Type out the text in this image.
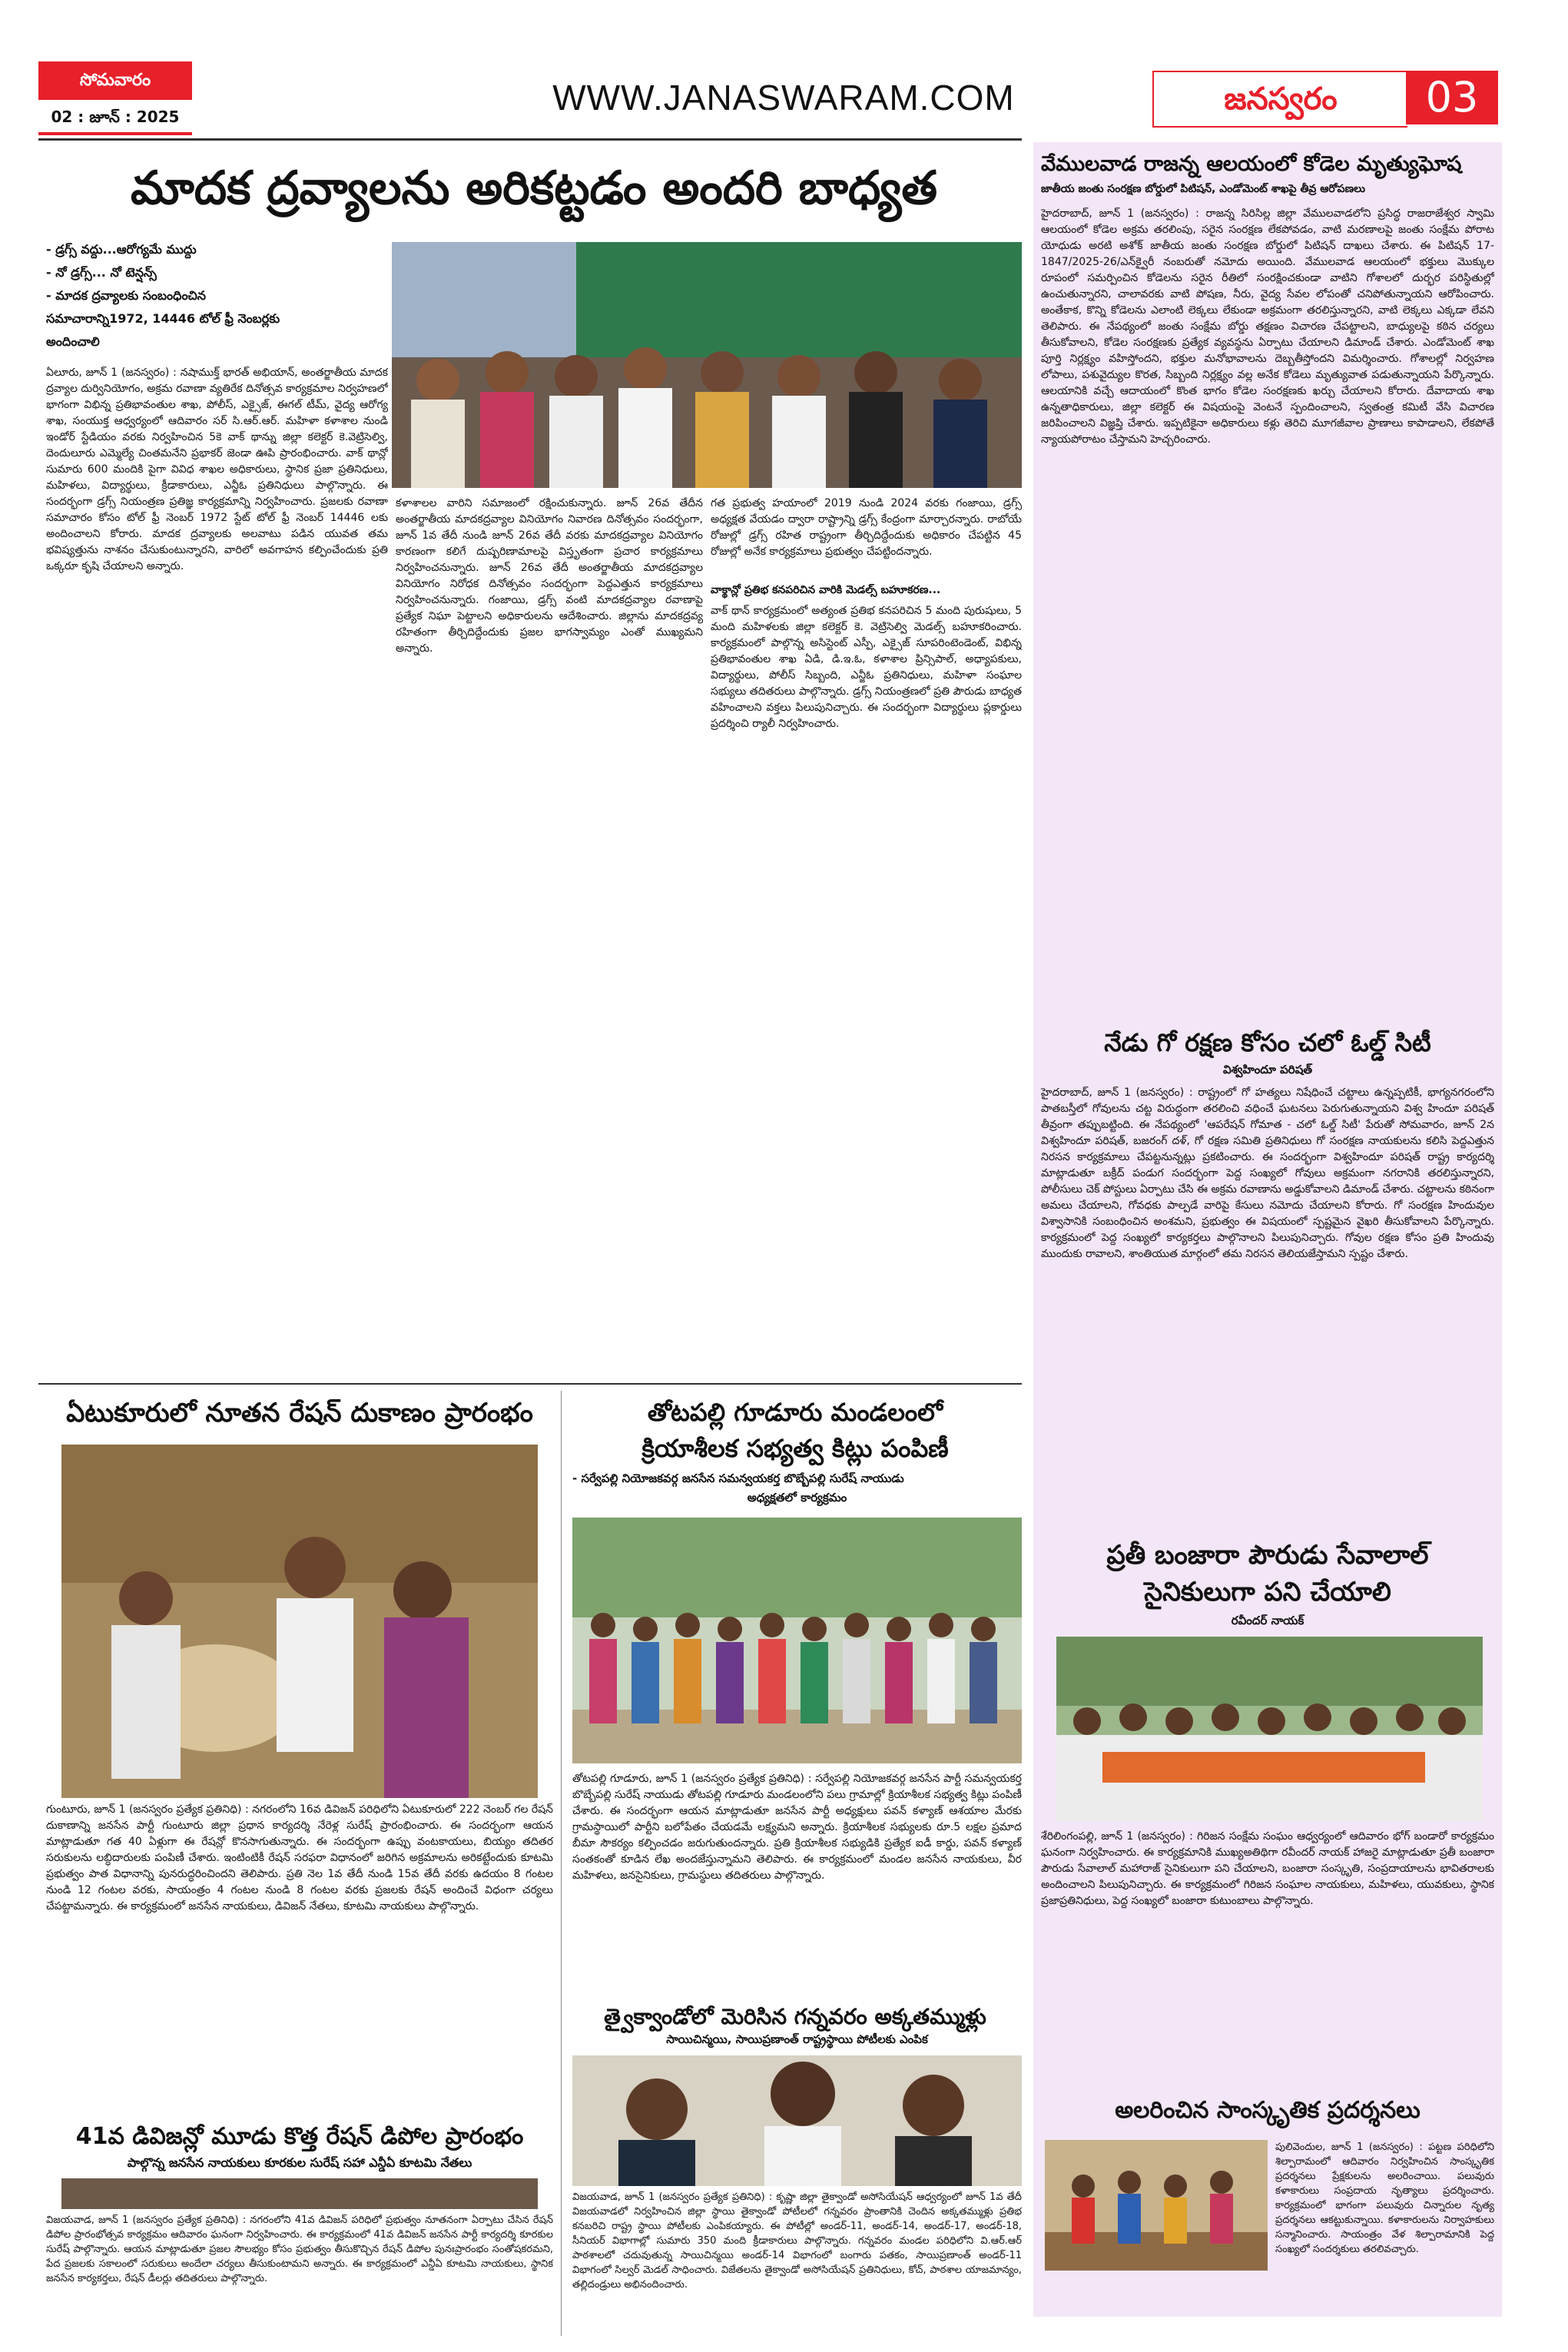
సోమవారం
02 : జూన్ : 2025	WWW.JANASWARAM.COM	జనస్వరం	03
మాదక ద్రవ్యాలను అరికట్టడం అందరి బాధ్యత
- డ్రగ్స్ వద్దు...ఆరోగ్యమే ముద్దు
- నో డ్రగ్స్... నో టెన్షన్స్
- మాదక ద్రవ్యాలకు సంబంధించిన
సమాచారాన్ని1972, 14446 టోల్ ఫ్రీ నెంబర్లకు
అందించాలి
ఏలూరు, జూన్ 1 (జనస్వరం) : నషాముక్త్ భారత్ అభియాన్, అంతర్జాతీయ మాదక ద్రవ్యాల దుర్వినియోగం, అక్రమ రవాణా వ్యతిరేక దినోత్సవ కార్యక్రమాల నిర్వహణలో భాగంగా విభిన్న ప్రతిభావంతుల శాఖ, పోలీస్, ఎక్సైజ్, ఈగల్ టీమ్, వైద్య ఆరోగ్య శాఖ, సంయుక్త ఆధ్వర్యంలో ఆదివారం సర్ సి.ఆర్.ఆర్. మహిళా కళాశాల నుండి ఇండోర్ స్టేడియం వరకు నిర్వహించిన 5కె వాక్ థాన్ను జిల్లా కలెక్టర్ కె.వెట్రిసెల్వి, దెందులూరు ఎమ్మెల్యే చింతమనేని ప్రభాకర్ జెండా ఊపి ప్రారంభించారు. వాక్ థాన్లో సుమారు 600 మందికి పైగా వివిధ శాఖల అధికారులు, స్థానిక ప్రజా ప్రతినిధులు, మహిళలు, విద్యార్థులు, క్రీడాకారులు, ఎన్జీఓ ప్రతినిధులు పాల్గొన్నారు. ఈ సందర్భంగా డ్రగ్స్ నియంత్రణ ప్రతిజ్ఞ కార్యక్రమాన్ని నిర్వహించారు. ప్రజలకు రవాణా సమాచారం కోసం టోల్ ఫ్రీ నెంబర్ 1972 స్టేట్ టోల్ ఫ్రీ నెంబర్ 14446 లకు అందించాలని కోరారు. మాదక ద్రవ్యాలకు అలవాటు పడిన యువత తమ భవిష్యత్తును నాశనం చేసుకుంటున్నారని, వారిలో అవగాహన కల్పించేందుకు ప్రతి ఒక్కరూ కృషి చేయాలని అన్నారు.
కళాశాలల వారిని సమాజంలో రక్షించుకున్నారు. జూన్ 26వ తేదీన అంతర్జాతీయ మాదకద్రవ్యాల వినియోగం నివారణ దినోత్సవం సందర్భంగా, జూన్ 1వ తేదీ నుండి జూన్ 26వ తేదీ వరకు మాదకద్రవ్యాల వినియోగం కారణంగా కలిగే దుష్పరిణామాలపై విస్తృతంగా ప్రచార కార్యక్రమాలు నిర్వహించనున్నారు. జూన్ 26వ తేదీ అంతర్జాతీయ మాదకద్రవ్యాల వినియోగం నిరోధక దినోత్సవం సందర్భంగా పెద్దఎత్తున కార్యక్రమాలు నిర్వహించనున్నారు. గంజాయి, డ్రగ్స్ వంటి మాదకద్రవ్యాల రవాణాపై ప్రత్యేక నిఘా పెట్టాలని అధికారులను ఆదేశించారు. జిల్లాను మాదకద్రవ్య రహితంగా తీర్చిదిద్దేందుకు ప్రజల భాగస్వామ్యం ఎంతో ముఖ్యమని అన్నారు.
గత ప్రభుత్వ హయాంలో 2019 నుండి 2024 వరకు గంజాయి, డ్రగ్స్ అధ్యక్షత వేయడం ద్వారా రాష్ట్రాన్ని డ్రగ్స్ కేంద్రంగా మార్చారన్నారు. రాబోయే రోజుల్లో డ్రగ్స్ రహిత రాష్ట్రంగా తీర్చిదిద్దేందుకు అధికారం చేపట్టిన 45 రోజుల్లో అనేక కార్యక్రమాలు ప్రభుత్వం చేపట్టిందన్నారు.
వాక్థాన్లో ప్రతిభ కనపరిచిన వారికి మెడల్స్ బహూకరణ...
వాక్ థాన్ కార్యక్రమంలో అత్యంత ప్రతిభ కనపరిచిన 5 మంది పురుషులు, 5 మంది మహిళలకు జిల్లా కలెక్టర్ కె. వెట్రిసెల్వి మెడల్స్ బహూకరించారు. కార్యక్రమంలో పాల్గొన్న అసిస్టెంట్ ఎస్పీ, ఎక్సైజ్ సూపరింటెండెంట్, విభిన్న ప్రతిభావంతుల శాఖ ఏడి, డి.ఇ.ఓ, కళాశాల ప్రిన్సిపాల్, అధ్యాపకులు, విద్యార్థులు, పోలీస్ సిబ్బంది, ఎన్జీఓ ప్రతినిధులు, మహిళా సంఘాల సభ్యులు తదితరులు పాల్గొన్నారు. డ్రగ్స్ నియంత్రణలో ప్రతి పౌరుడు బాధ్యత వహించాలని వక్తలు పిలుపునిచ్చారు. ఈ సందర్భంగా విద్యార్థులు ప్లకార్డులు ప్రదర్శించి ర్యాలీ నిర్వహించారు.
ఏటుకూరులో నూతన రేషన్ దుకాణం ప్రారంభం
గుంటూరు, జూన్ 1 (జనస్వరం ప్రత్యేక ప్రతినిధి) : నగరంలోని 16వ డివిజన్ పరిధిలోని ఏటుకూరులో 222 నెంబర్ గల రేషన్ దుకాణాన్ని జనసేన పార్టీ గుంటూరు జిల్లా ప్రధాన కార్యదర్శి నేరెళ్ల సురేష్ ప్రారంభించారు. ఈ సందర్భంగా ఆయన మాట్లాడుతూ గత 40 ఏళ్లుగా ఈ రేషన్లో కొనసాగుతున్నారు. ఈ సందర్భంగా ఉప్పు వంటకాయలు, బియ్యం తదితర సరుకులను లబ్ధిదారులకు పంపిణీ చేశారు. ఇంటింటికీ రేషన్ సరఫరా విధానంలో జరిగిన అక్రమాలను అరికట్టేందుకు కూటమి ప్రభుత్వం పాత విధానాన్ని పునరుద్ధరించిందని తెలిపారు. ప్రతి నెల 1వ తేదీ నుండి 15వ తేదీ వరకు ఉదయం 8 గంటల నుండి 12 గంటల వరకు, సాయంత్రం 4 గంటల నుండి 8 గంటల వరకు ప్రజలకు రేషన్ అందించే విధంగా చర్యలు చేపట్టామన్నారు. ఈ కార్యక్రమంలో జనసేన నాయకులు, డివిజన్ నేతలు, కూటమి నాయకులు పాల్గొన్నారు.
41వ డివిజన్లో మూడు కొత్త రేషన్ డిపోల ప్రారంభం
పాల్గొన్న జనసేన నాయకులు కూరకుల సురేష్ సహా ఎన్డీఏ కూటమి నేతలు
విజయవాడ, జూన్ 1 (జనస్వరం ప్రత్యేక ప్రతినిధి) : నగరంలోని 41వ డివిజన్ పరిధిలో ప్రభుత్వం నూతనంగా ఏర్పాటు చేసిన రేషన్ డిపోల ప్రారంభోత్సవ కార్యక్రమం ఆదివారం ఘనంగా నిర్వహించారు. ఈ కార్యక్రమంలో 41వ డివిజన్ జనసేన పార్టీ కార్యదర్శి కూరకుల సురేష్ పాల్గొన్నారు. ఆయన మాట్లాడుతూ ప్రజల సౌలభ్యం కోసం ప్రభుత్వం తీసుకొచ్చిన రేషన్ డిపోల పునఃప్రారంభం సంతోషకరమని, పేద ప్రజలకు సకాలంలో సరుకులు అందేలా చర్యలు తీసుకుంటామని అన్నారు. ఈ కార్యక్రమంలో ఎన్డీఏ కూటమి నాయకులు, స్థానిక జనసేన కార్యకర్తలు, రేషన్ డీలర్లు తదితరులు పాల్గొన్నారు.
తోటపల్లి గూడూరు మండలంలో
క్రియాశీలక సభ్యత్వ కిట్లు పంపిణీ
- సర్వేపల్లి నియోజకవర్గ జనసేన సమన్వయకర్త బొబ్బేపల్లి సురేష్ నాయుడు
అధ్యక్షతలో కార్యక్రమం
తోటపల్లి గూడూరు, జూన్ 1 (జనస్వరం ప్రత్యేక ప్రతినిధి) : సర్వేపల్లి నియోజకవర్గ జనసేన పార్టీ సమన్వయకర్త బొబ్బేపల్లి సురేష్ నాయుడు తోటపల్లి గూడూరు మండలంలోని పలు గ్రామాల్లో క్రియాశీలక సభ్యత్వ కిట్లు పంపిణీ చేశారు. ఈ సందర్భంగా ఆయన మాట్లాడుతూ జనసేన పార్టీ అధ్యక్షులు పవన్ కళ్యాణ్ ఆశయాల మేరకు గ్రామస్థాయిలో పార్టీని బలోపేతం చేయడమే లక్ష్యమని అన్నారు. క్రియాశీలక సభ్యులకు రూ.5 లక్షల ప్రమాద బీమా సౌకర్యం కల్పించడం జరుగుతుందన్నారు. ప్రతి క్రియాశీలక సభ్యుడికి ప్రత్యేక ఐడీ కార్డు, పవన్ కళ్యాణ్ సంతకంతో కూడిన లేఖ అందజేస్తున్నామని తెలిపారు. ఈ కార్యక్రమంలో మండల జనసేన నాయకులు, వీర మహిళలు, జనసైనికులు, గ్రామస్థులు తదితరులు పాల్గొన్నారు.
త్వైక్వాండోలో మెరిసిన గన్నవరం అక్కతమ్ముళ్లు
సాయిచిన్మయి, సాయిప్రణాంత్ రాష్ట్రస్థాయి పోటీలకు ఎంపిక
విజయవాడ, జూన్ 1 (జనస్వరం ప్రత్యేక ప్రతినిధి) : కృష్ణా జిల్లా తైక్వాండో అసోసియేషన్ ఆధ్వర్యంలో జూన్ 1వ తేదీ విజయవాడలో నిర్వహించిన జిల్లా స్థాయి తైక్వాండో పోటీలలో గన్నవరం ప్రాంతానికి చెందిన అక్కతమ్ముళ్లు ప్రతిభ కనబరిచి రాష్ట్ర స్థాయి పోటీలకు ఎంపికయ్యారు. ఈ పోటీల్లో అండర్-11, అండర్-14, అండర్-17, అండర్-18, సీనియర్ విభాగాల్లో సుమారు 350 మంది క్రీడాకారులు పాల్గొన్నారు. గన్నవరం మండల పరిధిలోని వి.ఆర్.ఆర్ పాఠశాలలో చదువుతున్న సాయిచిన్మయి అండర్-14 విభాగంలో బంగారు పతకం, సాయిప్రణాంత్ అండర్-11 విభాగంలో సిల్వర్ మెడల్ సాధించారు. విజేతలను తైక్వాండో అసోసియేషన్ ప్రతినిధులు, కోచ్, పాఠశాల యాజమాన్యం, తల్లిదండ్రులు అభినందించారు.
వేములవాడ రాజన్న ఆలయంలో కోడెల మృత్యుఘోష
జాతీయ జంతు సంరక్షణ బోర్డులో పిటిషన్, ఎండోమెంట్ శాఖపై తీవ్ర ఆరోపణలు
హైదరాబాద్, జూన్ 1 (జనస్వరం) : రాజన్న సిరిసిల్ల జిల్లా వేములవాడలోని ప్రసిద్ధ రాజరాజేశ్వర స్వామి ఆలయంలో కోడెల అక్రమ తరలింపు, సరైన సంరక్షణ లేకపోవడం, వాటి మరణాలపై జంతు సంక్షేమ పోరాట యోధుడు అరటి అశోక్ జాతీయ జంతు సంరక్షణ బోర్డులో పిటిషన్ దాఖలు చేశారు. ఈ పిటిషన్ 17-1847/2025-26/ఎన్‌క్వైరీ నంబరుతో నమోదు అయింది. వేములవాడ ఆలయంలో భక్తులు మొక్కుల రూపంలో సమర్పించిన కోడెలను సరైన రీతిలో సంరక్షించకుండా వాటిని గోశాలలో దుర్భర పరిస్థితుల్లో ఉంచుతున్నారని, చాలావరకు వాటి పోషణ, నీరు, వైద్య సేవల లోపంతో చనిపోతున్నాయని ఆరోపించారు. అంతేకాక, కొన్ని కోడెలను ఎలాంటి లెక్కలు లేకుండా అక్రమంగా తరలిస్తున్నారని, వాటి లెక్కలు ఎక్కడా లేవని తెలిపారు. ఈ నేపథ్యంలో జంతు సంక్షేమ బోర్డు తక్షణం విచారణ చేపట్టాలని, బాధ్యులపై కఠిన చర్యలు తీసుకోవాలని, కోడెల సంరక్షణకు ప్రత్యేక వ్యవస్థను ఏర్పాటు చేయాలని డిమాండ్ చేశారు. ఎండోమెంట్ శాఖ పూర్తి నిర్లక్ష్యం వహిస్తోందని, భక్తుల మనోభావాలను దెబ్బతీస్తోందని విమర్శించారు. గోశాలల్లో నిర్వహణ లోపాలు, పశువైద్యుల కొరత, సిబ్బంది నిర్లక్ష్యం వల్ల అనేక కోడెలు మృత్యువాత పడుతున్నాయని పేర్కొన్నారు. ఆలయానికి వచ్చే ఆదాయంలో కొంత భాగం కోడెల సంరక్షణకు ఖర్చు చేయాలని కోరారు. దేవాదాయ శాఖ ఉన్నతాధికారులు, జిల్లా కలెక్టర్ ఈ విషయంపై వెంటనే స్పందించాలని, స్వతంత్ర కమిటీ వేసి విచారణ జరిపించాలని విజ్ఞప్తి చేశారు. ఇప్పటికైనా అధికారులు కళ్లు తెరిచి మూగజీవాల ప్రాణాలు కాపాడాలని, లేకపోతే న్యాయపోరాటం చేస్తామని హెచ్చరించారు.
నేడు గో రక్షణ కోసం చలో ఓల్డ్ సిటీ
విశ్వహిందూ పరిషత్
హైదరాబాద్, జూన్ 1 (జనస్వరం) : రాష్ట్రంలో గో హత్యలు నిషేధించే చట్టాలు ఉన్నప్పటికీ, భాగ్యనగరంలోని పాతబస్తీలో గోవులను చట్ట విరుద్ధంగా తరలించి వధించే ఘటనలు పెరుగుతున్నాయని విశ్వ హిందూ పరిషత్ తీవ్రంగా తప్పుబట్టింది. ఈ నేపథ్యంలో 'ఆపరేషన్ గోమాత - చలో ఓల్డ్ సిటీ' పేరుతో సోమవారం, జూన్ 2న విశ్వహిందూ పరిషత్, బజరంగ్ దళ్, గో రక్షణ సమితి ప్రతినిధులు గో సంరక్షణ నాయకులను కలిసి పెద్దఎత్తున నిరసన కార్యక్రమాలు చేపట్టనున్నట్లు ప్రకటించారు. ఈ సందర్భంగా విశ్వహిందూ పరిషత్ రాష్ట్ర కార్యదర్శి మాట్లాడుతూ బక్రీద్ పండుగ సందర్భంగా పెద్ద సంఖ్యలో గోవులు అక్రమంగా నగరానికి తరలిస్తున్నారని, పోలీసులు చెక్ పోస్టులు ఏర్పాటు చేసి ఈ అక్రమ రవాణాను అడ్డుకోవాలని డిమాండ్ చేశారు. చట్టాలను కఠినంగా అమలు చేయాలని, గోవధకు పాల్పడే వారిపై కేసులు నమోదు చేయాలని కోరారు. గో సంరక్షణ హిందువుల విశ్వాసానికి సంబంధించిన అంశమని, ప్రభుత్వం ఈ విషయంలో స్పష్టమైన వైఖరి తీసుకోవాలని పేర్కొన్నారు. కార్యక్రమంలో పెద్ద సంఖ్యలో కార్యకర్తలు పాల్గొనాలని పిలుపునిచ్చారు. గోవుల రక్షణ కోసం ప్రతి హిందువు ముందుకు రావాలని, శాంతియుత మార్గంలో తమ నిరసన తెలియజేస్తామని స్పష్టం చేశారు.
ప్రతీ బంజారా పౌరుడు సేవాలాల్
సైనికులుగా పని చేయాలి
రవీందర్ నాయక్
శేరిలింగంపల్లి, జూన్ 1 (జనస్వరం) : గిరిజన సంక్షేమ సంఘం ఆధ్వర్యంలో ఆదివారం భోగ్ బండారో కార్యక్రమం ఘనంగా నిర్వహించారు. ఈ కార్యక్రమానికి ముఖ్యఅతిథిగా రవీందర్ నాయక్ హాజరై మాట్లాడుతూ ప్రతీ బంజారా పౌరుడు సేవాలాల్ మహారాజ్ సైనికులుగా పని చేయాలని, బంజారా సంస్కృతి, సంప్రదాయాలను భావితరాలకు అందించాలని పిలుపునిచ్చారు. ఈ కార్యక్రమంలో గిరిజన సంఘాల నాయకులు, మహిళలు, యువకులు, స్థానిక ప్రజాప్రతినిధులు, పెద్ద సంఖ్యలో బంజారా కుటుంబాలు పాల్గొన్నారు.
అలరించిన సాంస్కృతిక ప్రదర్శనలు
పులివెందుల, జూన్ 1 (జనస్వరం) : పట్టణ పరిధిలోని శిల్పారామంలో ఆదివారం నిర్వహించిన సాంస్కృతిక ప్రదర్శనలు ప్రేక్షకులను అలరించాయి. పలువురు కళాకారులు సంప్రదాయ నృత్యాలు ప్రదర్శించారు. కార్యక్రమంలో భాగంగా పలువురు చిన్నారుల నృత్య ప్రదర్శనలు ఆకట్టుకున్నాయి. కళాకారులను నిర్వాహకులు సన్మానించారు. సాయంత్రం వేళ శిల్పారామానికి పెద్ద సంఖ్యలో సందర్శకులు తరలివచ్చారు.
